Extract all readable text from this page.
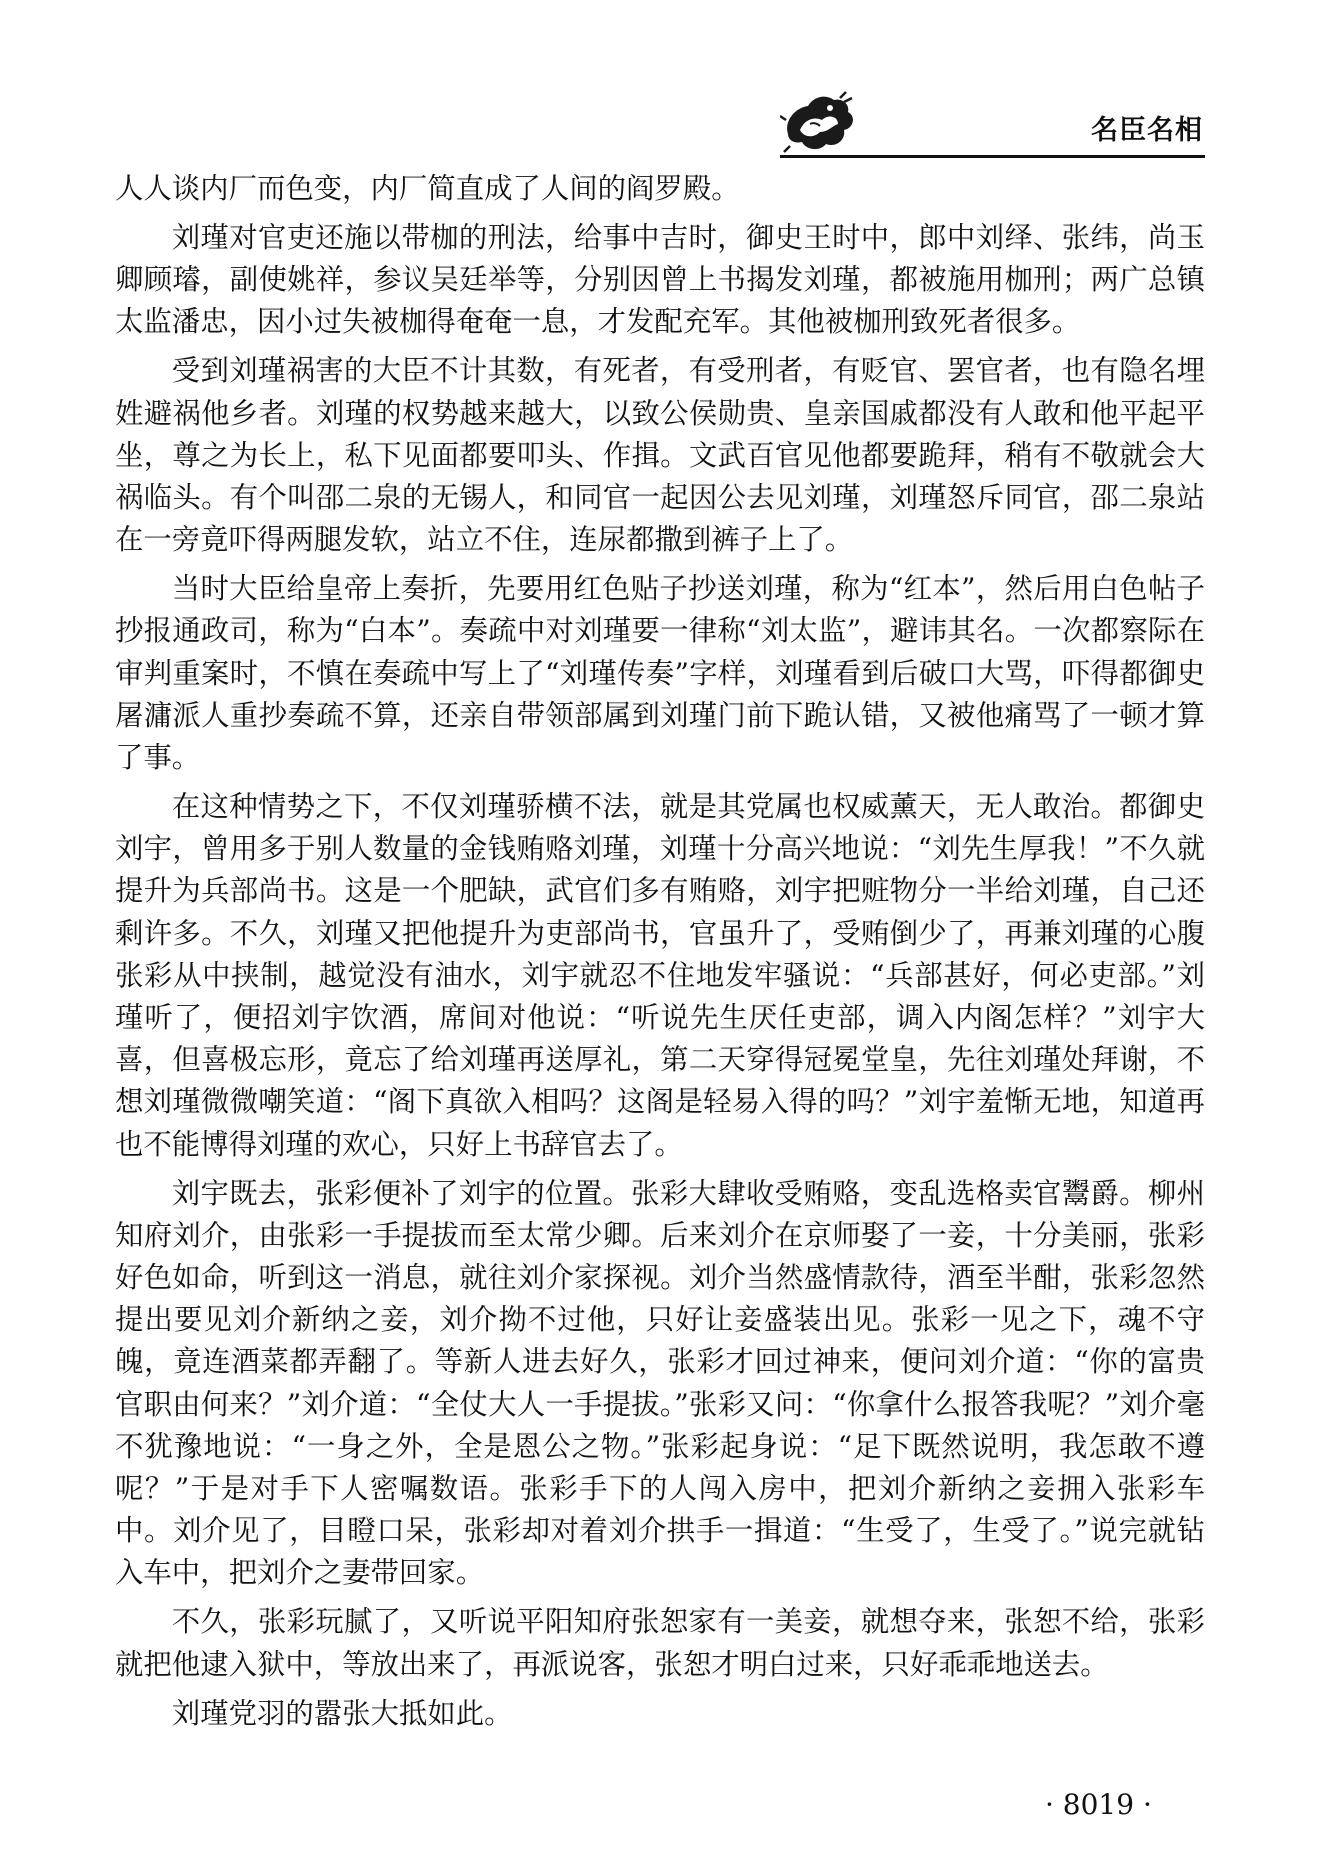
名臣名相

人人谈内厂而色变，内厂简直成了人间的阎罗殿。

刘瑾对官吏还施以带枷的刑法，给事中吉时，御史王时中，郎中刘绎、张纬，尚玉卿顾璿，副使姚祥，参议吴廷举等，分别因曾上书揭发刘瑾，都被施用枷刑；两广总镇太监潘忠，因小过失被枷得奄奄一息，才发配充军。其他被枷刑致死者很多。

受到刘瑾祸害的大臣不计其数，有死者，有受刑者，有贬官、罢官者，也有隐名埋姓避祸他乡者。刘瑾的权势越来越大，以致公侯勋贵、皇亲国戚都没有人敢和他平起平坐，尊之为长上，私下见面都要叩头、作揖。文武百官见他都要跪拜，稍有不敬就会大祸临头。有个叫邵二泉的无锡人，和同官一起因公去见刘瑾，刘瑾怒斥同官，邵二泉站在一旁竟吓得两腿发软，站立不住，连尿都撒到裤子上了。

当时大臣给皇帝上奏折，先要用红色贴子抄送刘瑾，称为“红本”，然后用白色帖子抄报通政司，称为“白本”。奏疏中对刘瑾要一律称“刘太监”，避讳其名。一次都察际在审判重案时，不慎在奏疏中写上了“刘瑾传奏”字样，刘瑾看到后破口大骂，吓得都御史屠滽派人重抄奏疏不算，还亲自带领部属到刘瑾门前下跪认错，又被他痛骂了一顿才算了事。

在这种情势之下，不仅刘瑾骄横不法，就是其党属也权威薰天，无人敢治。都御史刘宇，曾用多于别人数量的金钱贿赂刘瑾，刘瑾十分高兴地说：“刘先生厚我！”不久就提升为兵部尚书。这是一个肥缺，武官们多有贿赂，刘宇把赃物分一半给刘瑾，自己还剩许多。不久，刘瑾又把他提升为吏部尚书，官虽升了，受贿倒少了，再兼刘瑾的心腹张彩从中挟制，越觉没有油水，刘宇就忍不住地发牢骚说：“兵部甚好，何必吏部。”刘瑾听了，便招刘宇饮酒，席间对他说：“听说先生厌任吏部，调入内阁怎样？”刘宇大喜，但喜极忘形，竟忘了给刘瑾再送厚礼，第二天穿得冠冕堂皇，先往刘瑾处拜谢，不想刘瑾微微嘲笑道：“阁下真欲入相吗？这阁是轻易入得的吗？”刘宇羞惭无地，知道再也不能博得刘瑾的欢心，只好上书辞官去了。

刘宇既去，张彩便补了刘宇的位置。张彩大肆收受贿赂，变乱选格卖官鬻爵。柳州知府刘介，由张彩一手提拔而至太常少卿。后来刘介在京师娶了一妾，十分美丽，张彩好色如命，听到这一消息，就往刘介家探视。刘介当然盛情款待，酒至半酣，张彩忽然提出要见刘介新纳之妾，刘介拗不过他，只好让妾盛装出见。张彩一见之下，魂不守魄，竟连酒菜都弄翻了。等新人进去好久，张彩才回过神来，便问刘介道：“你的富贵官职由何来？”刘介道：“全仗大人一手提拔。”张彩又问：“你拿什么报答我呢？”刘介毫不犹豫地说：“一身之外，全是恩公之物。”张彩起身说：“足下既然说明，我怎敢不遵呢？”于是对手下人密嘱数语。张彩手下的人闯入房中，把刘介新纳之妾拥入张彩车中。刘介见了，目瞪口呆，张彩却对着刘介拱手一揖道：“生受了，生受了。”说完就钻入车中，把刘介之妻带回家。

不久，张彩玩腻了，又听说平阳知府张恕家有一美妾，就想夺来，张恕不给，张彩就把他逮入狱中，等放出来了，再派说客，张恕才明白过来，只好乖乖地送去。

刘瑾党羽的嚣张大抵如此。

· 8019 ·
